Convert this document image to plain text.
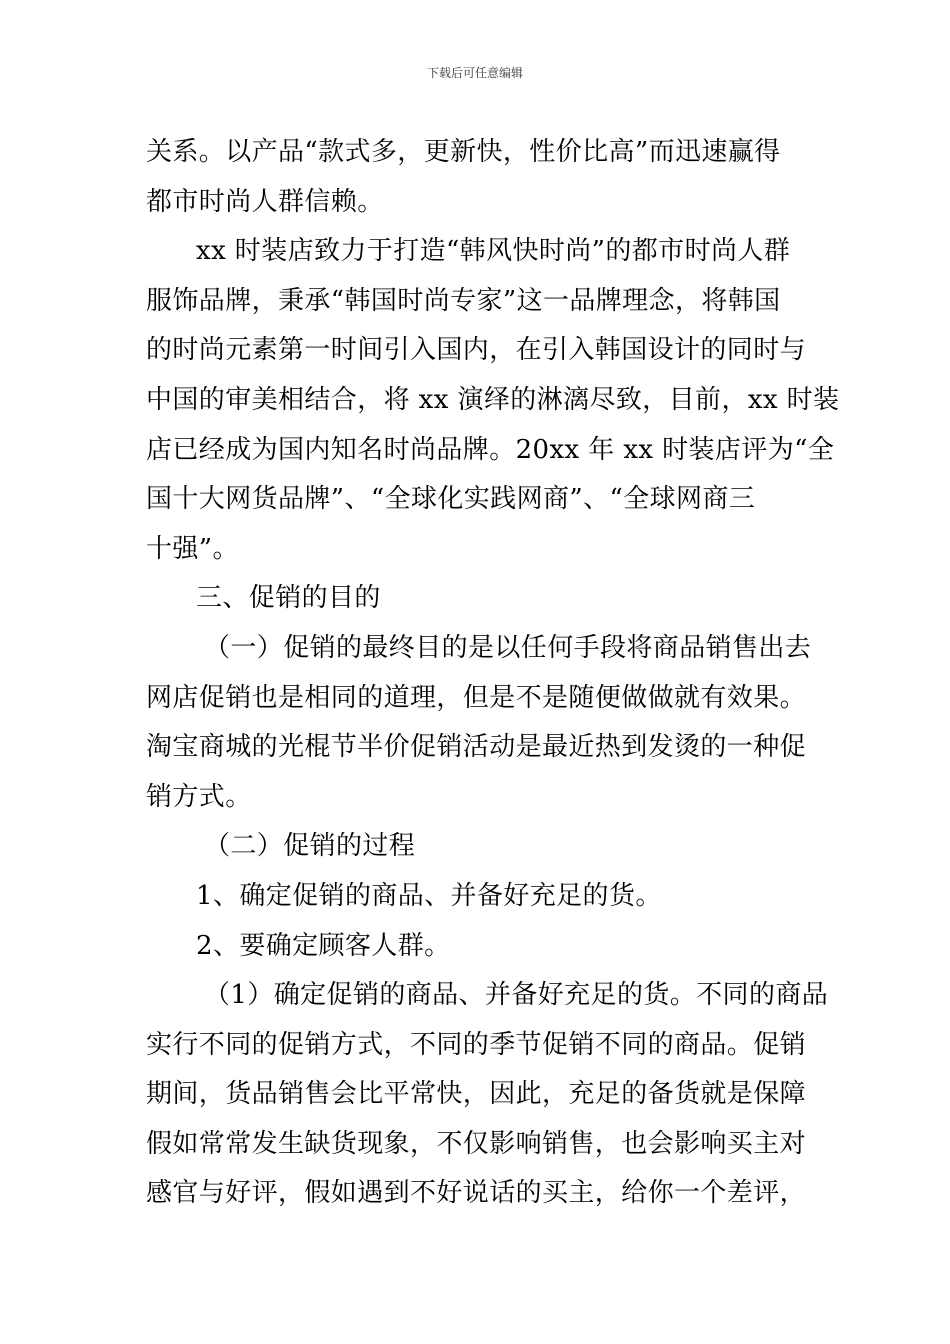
下载后可任意编辑

关系。以产品“款式多，更新快，性价比高”而迅速赢得

都市时尚人群信赖。

xx 时装店致力于打造“韩风快时尚”的都市时尚人群

服饰品牌，秉承“韩国时尚专家”这一品牌理念，将韩国

的时尚元素第一时间引入国内，在引入韩国设计的同时与

中国的审美相结合，将 xx 演绎的淋漓尽致，目前，xx 时装

店已经成为国内知名时尚品牌。20xx 年 xx 时装店评为“全

国十大网货品牌”、“全球化实践网商”、“全球网商三

十强”。

三、促销的目的

（一）促销的最终目的是以任何手段将商品销售出去

网店促销也是相同的道理，但是不是随便做做就有效果。

淘宝商城的光棍节半价促销活动是最近热到发烫的一种促

销方式。

（二）促销的过程

1、确定促销的商品、并备好充足的货。

2、要确定顾客人群。

（1）确定促销的商品、并备好充足的货。不同的商品

实行不同的促销方式，不同的季节促销不同的商品。促销

期间，货品销售会比平常快，因此，充足的备货就是保障

假如常常发生缺货现象，不仅影响销售，也会影响买主对

感官与好评，假如遇到不好说话的买主，给你一个差评，
